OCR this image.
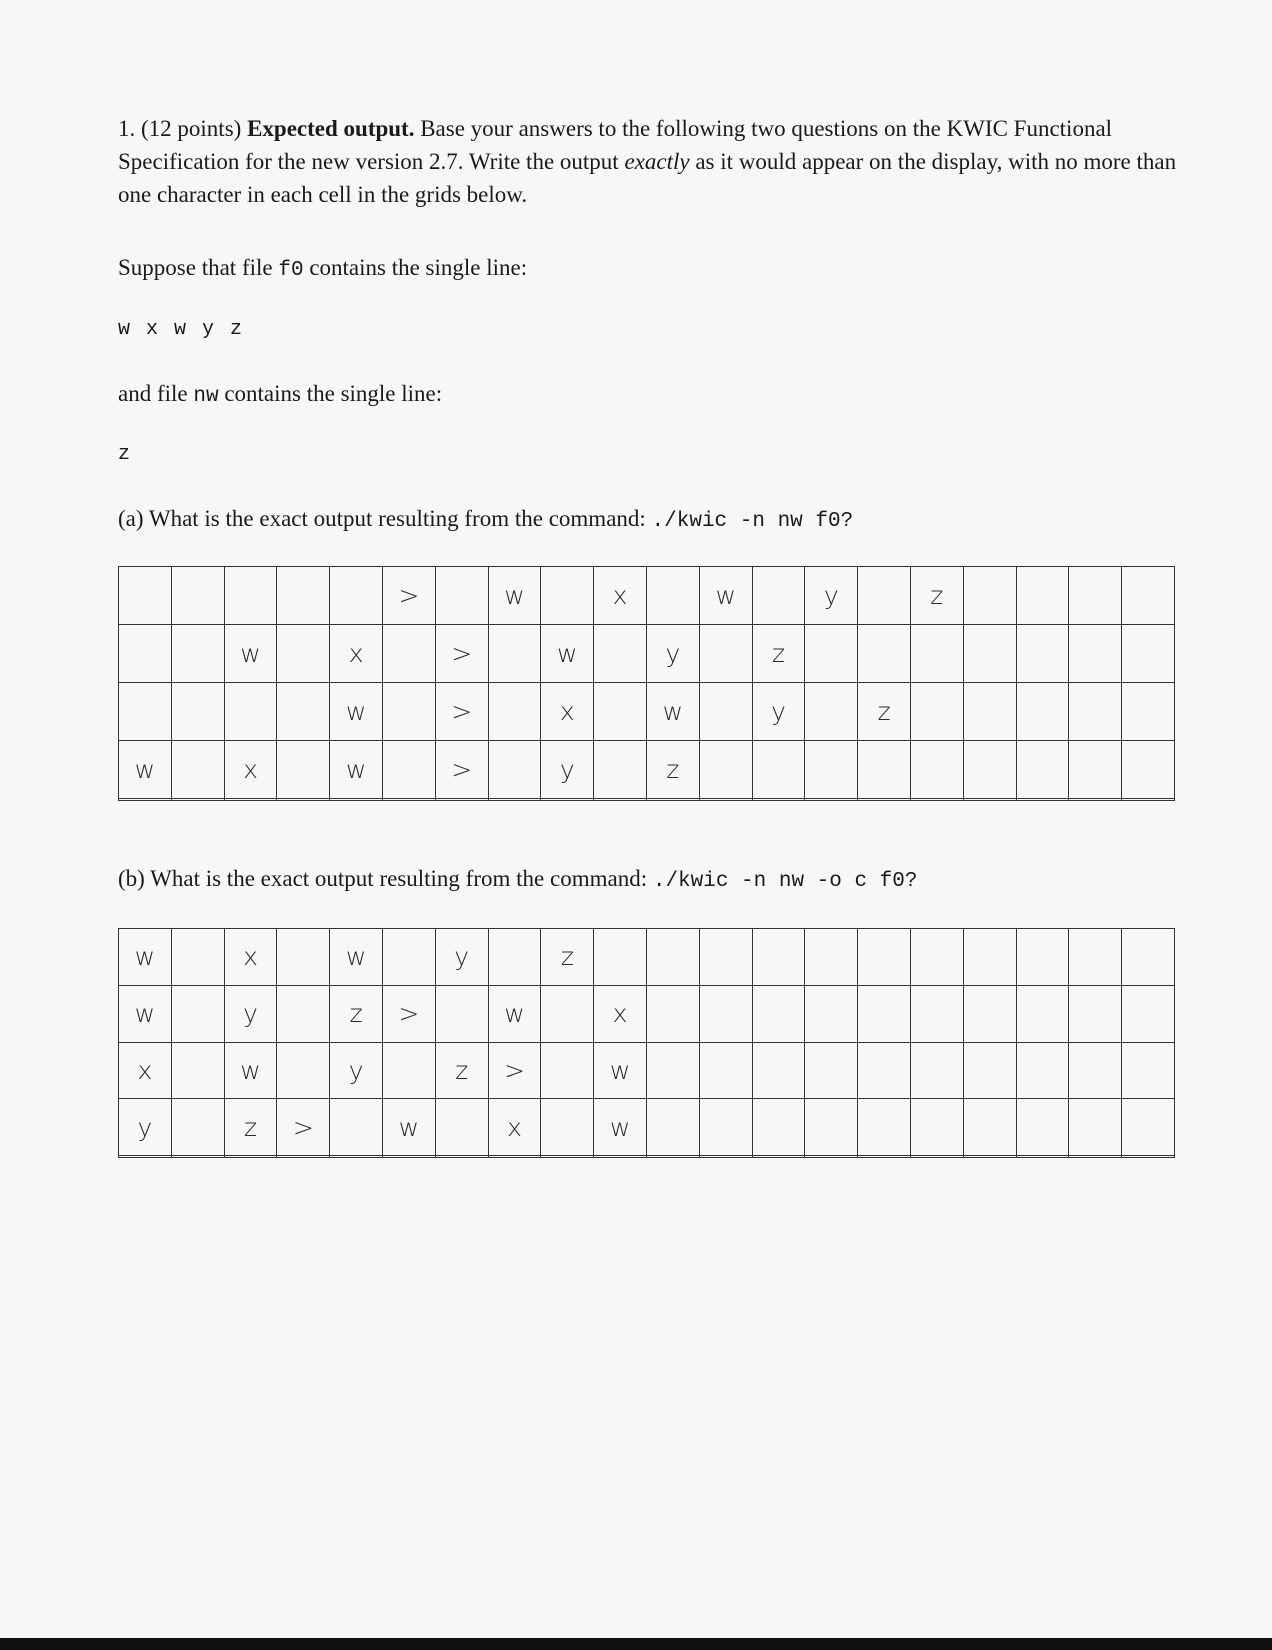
1. (12 points) Expected output. Base your answers to the following two questions on the KWIC Functional Specification for the new version 2.7. Write the output exactly as it would appear on the display, with no more than one character in each cell in the grids below.
Suppose that file f0 contains the single line:
w x w y z
and file nw contains the single line:
z
(a) What is the exact output resulting from the command: ./kwic -n nw f0?
					>		w		x		w		y		z				
		w		x		>		w		y		z							
				w		>		x		w		y		z					
w		x		w		>		y		z									

(b) What is the exact output resulting from the command: ./kwic -n nw -o c f0?
w		x		w		y		z											
w		y		z	>		w		x										
x		w		y		z	>		w										
y		z	>		w		x		w										
